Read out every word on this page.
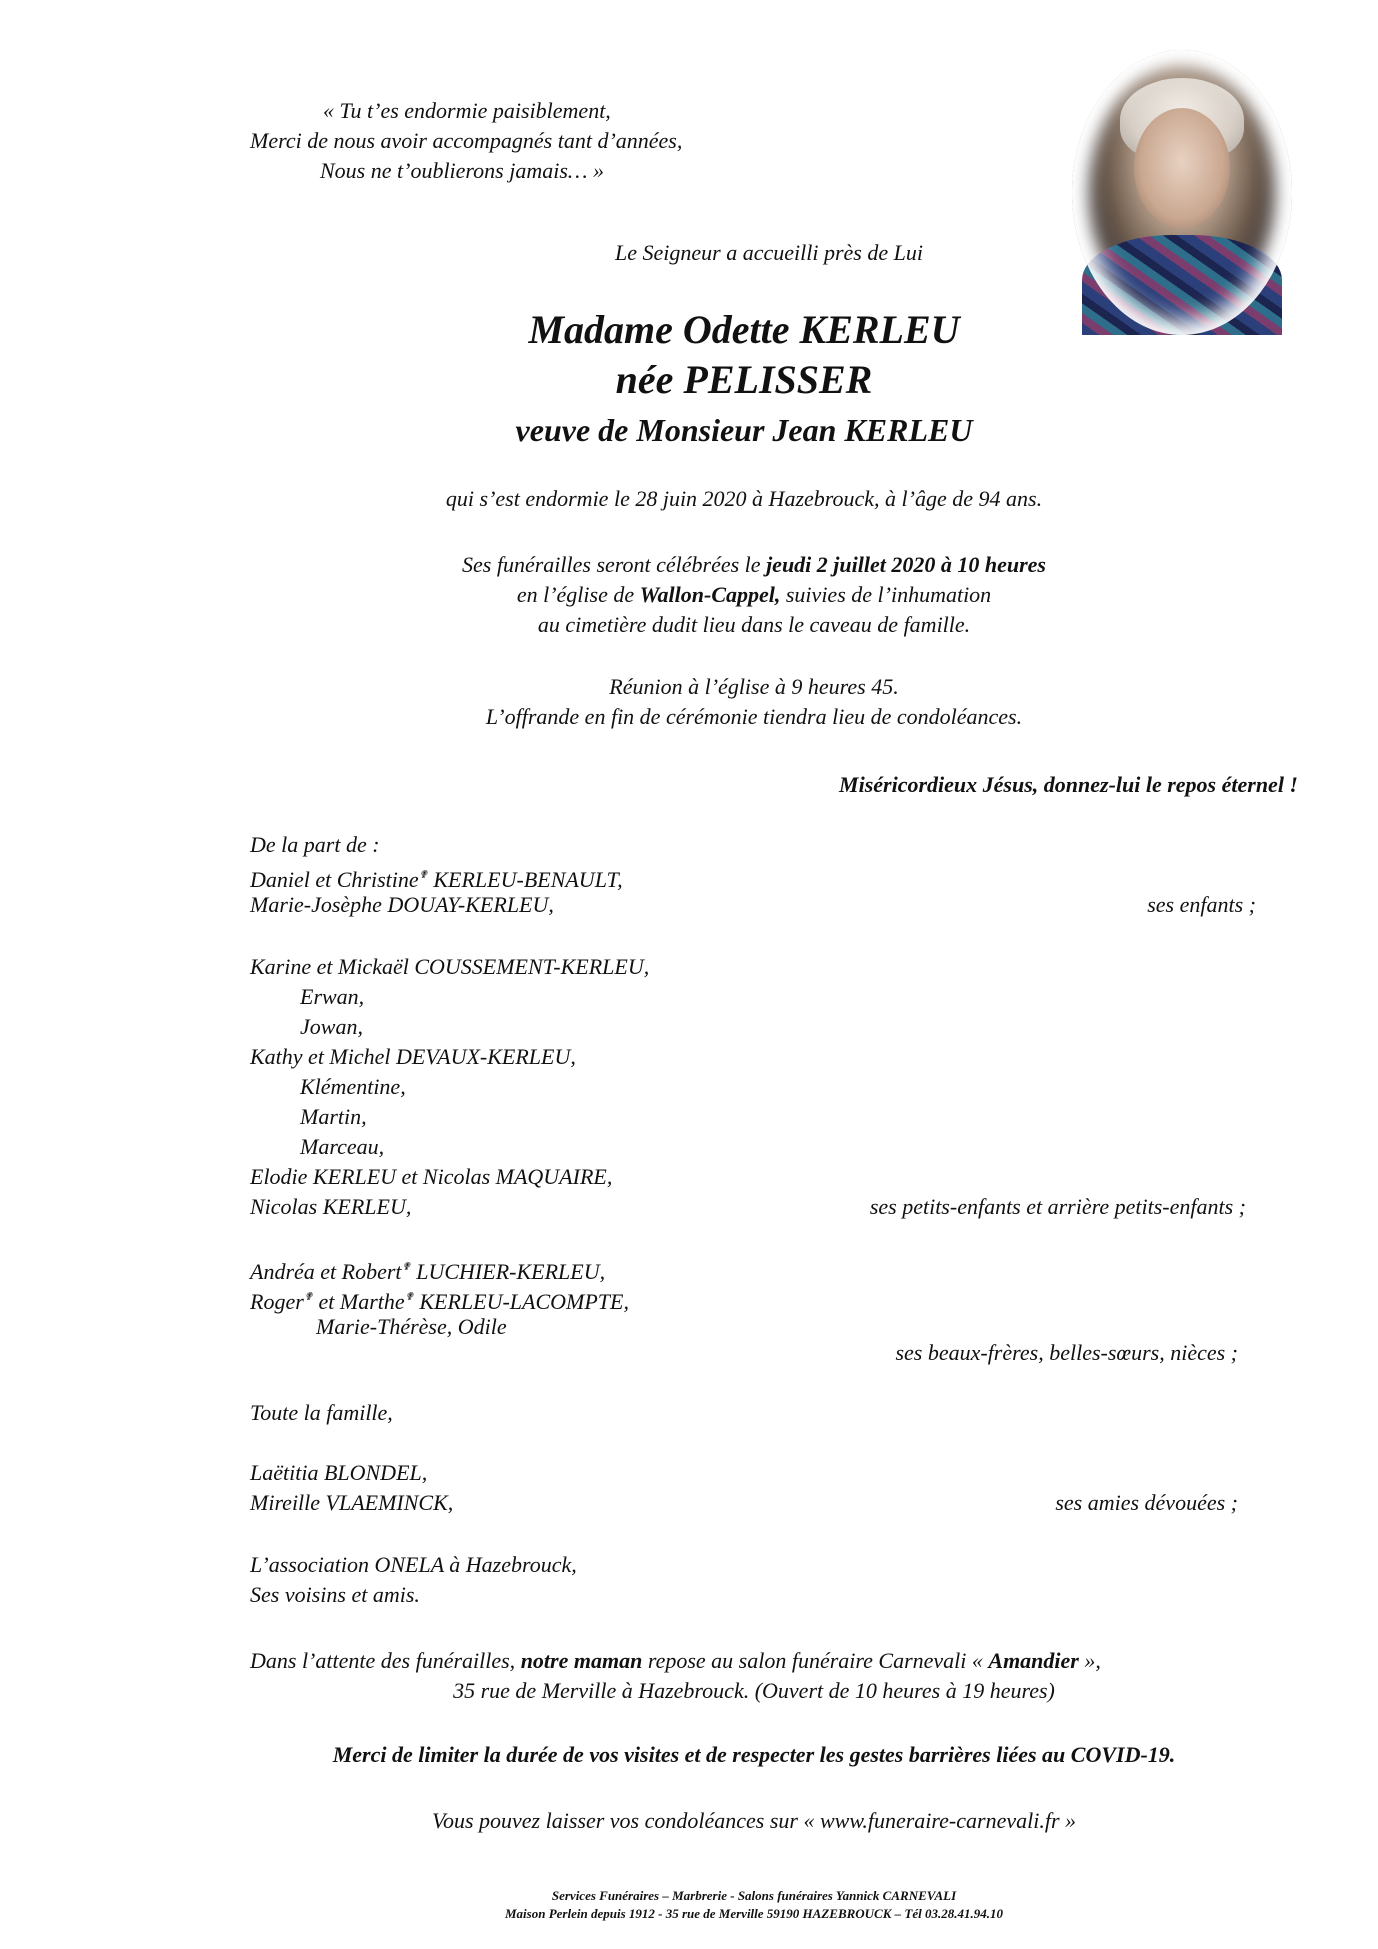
« Tu t’es endormie paisiblement,
Merci de nous avoir accompagnés tant d’années,
Nous ne t’oublierons jamais… »
Le Seigneur a accueilli près de Lui
Madame Odette KERLEU
née PELISSER
veuve de Monsieur Jean KERLEU
qui s’est endormie le 28 juin 2020 à Hazebrouck, à l’âge de 94 ans.
Ses funérailles seront célébrées le jeudi 2 juillet 2020 à 10 heures
en l’église de Wallon-Cappel, suivies de l’inhumation
au cimetière dudit lieu dans le caveau de famille.
Réunion à l’église à 9 heures 45.
L’offrande en fin de cérémonie tiendra lieu de condoléances.
Miséricordieux Jésus, donnez-lui le repos éternel !
De la part de :
Daniel et Christine✟ KERLEU-BENAULT,
Marie-Josèphe DOUAY-KERLEU,	ses enfants ;
Karine et Mickaël COUSSEMENT-KERLEU,
Erwan,
Jowan,
Kathy et Michel DEVAUX-KERLEU,
Klémentine,
Martin,
Marceau,
Elodie KERLEU et Nicolas MAQUAIRE,
Nicolas KERLEU,	ses petits-enfants et arrière petits-enfants ;
Andréa et Robert✟ LUCHIER-KERLEU,
Roger✟ et Marthe✟ KERLEU-LACOMPTE,
Marie-Thérèse, Odile
ses beaux-frères, belles-sœurs, nièces ;
Toute la famille,
Laëtitia BLONDEL,
Mireille VLAEMINCK,	ses amies dévouées ;
L’association ONELA à Hazebrouck,
Ses voisins et amis.
Dans l’attente des funérailles, notre maman repose au salon funéraire Carnevali « Amandier »,
35 rue de Merville à Hazebrouck. (Ouvert de 10 heures à 19 heures)
Merci de limiter la durée de vos visites et de respecter les gestes barrières liées au COVID-19.
Vous pouvez laisser vos condoléances sur « www.funeraire-carnevali.fr »
Services Funéraires – Marbrerie - Salons funéraires Yannick CARNEVALI
Maison Perlein depuis 1912 - 35 rue de Merville 59190 HAZEBROUCK – Tél 03.28.41.94.10
